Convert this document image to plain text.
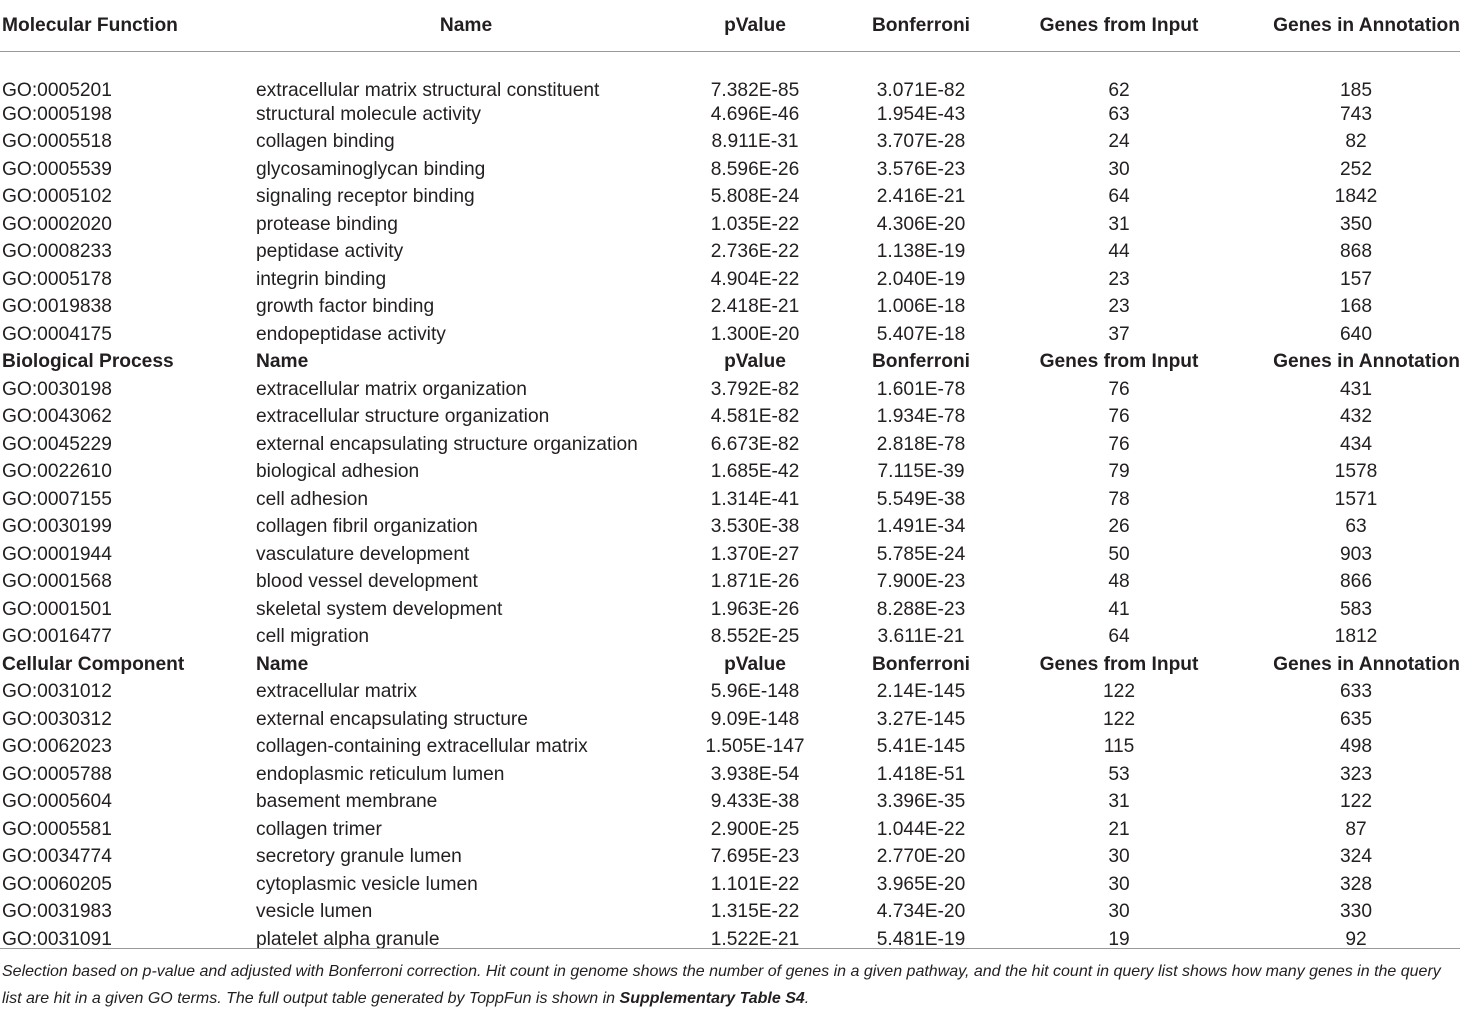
Molecular Function	Name	pValue	Bonferroni	Genes from Input	Genes in Annotation
GO:0005201	extracellular matrix structural constituent	7.382E-85	3.071E-82	62	185
GO:0005198	structural molecule activity	4.696E-46	1.954E-43	63	743
GO:0005518	collagen binding	8.911E-31	3.707E-28	24	82
GO:0005539	glycosaminoglycan binding	8.596E-26	3.576E-23	30	252
GO:0005102	signaling receptor binding	5.808E-24	2.416E-21	64	1842
GO:0002020	protease binding	1.035E-22	4.306E-20	31	350
GO:0008233	peptidase activity	2.736E-22	1.138E-19	44	868
GO:0005178	integrin binding	4.904E-22	2.040E-19	23	157
GO:0019838	growth factor binding	2.418E-21	1.006E-18	23	168
GO:0004175	endopeptidase activity	1.300E-20	5.407E-18	37	640
Biological Process	Name	pValue	Bonferroni	Genes from Input	Genes in Annotation
GO:0030198	extracellular matrix organization	3.792E-82	1.601E-78	76	431
GO:0043062	extracellular structure organization	4.581E-82	1.934E-78	76	432
GO:0045229	external encapsulating structure organization	6.673E-82	2.818E-78	76	434
GO:0022610	biological adhesion	1.685E-42	7.115E-39	79	1578
GO:0007155	cell adhesion	1.314E-41	5.549E-38	78	1571
GO:0030199	collagen fibril organization	3.530E-38	1.491E-34	26	63
GO:0001944	vasculature development	1.370E-27	5.785E-24	50	903
GO:0001568	blood vessel development	1.871E-26	7.900E-23	48	866
GO:0001501	skeletal system development	1.963E-26	8.288E-23	41	583
GO:0016477	cell migration	8.552E-25	3.611E-21	64	1812
Cellular Component	Name	pValue	Bonferroni	Genes from Input	Genes in Annotation
GO:0031012	extracellular matrix	5.96E-148	2.14E-145	122	633
GO:0030312	external encapsulating structure	9.09E-148	3.27E-145	122	635
GO:0062023	collagen-containing extracellular matrix	1.505E-147	5.41E-145	115	498
GO:0005788	endoplasmic reticulum lumen	3.938E-54	1.418E-51	53	323
GO:0005604	basement membrane	9.433E-38	3.396E-35	31	122
GO:0005581	collagen trimer	2.900E-25	1.044E-22	21	87
GO:0034774	secretory granule lumen	7.695E-23	2.770E-20	30	324
GO:0060205	cytoplasmic vesicle lumen	1.101E-22	3.965E-20	30	328
GO:0031983	vesicle lumen	1.315E-22	4.734E-20	30	330
GO:0031091	platelet alpha granule	1.522E-21	5.481E-19	19	92
Selection based on p-value and adjusted with Bonferroni correction. Hit count in genome shows the number of genes in a given pathway, and the hit count in query list shows how many genes in the query list are hit in a given GO terms. The full output table generated by ToppFun is shown in Supplementary Table S4.
